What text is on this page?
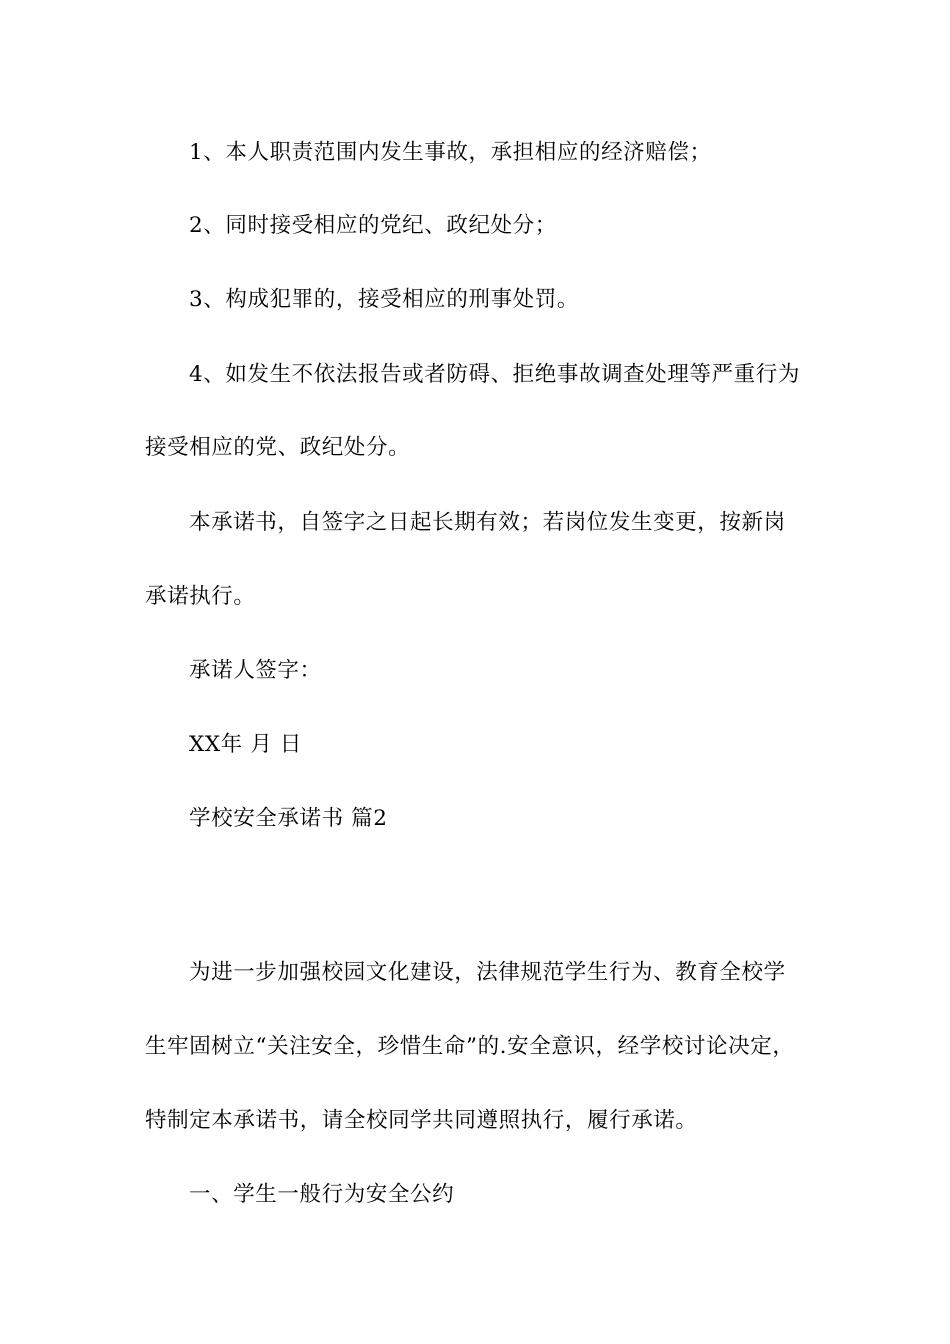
1、本人职责范围内发生事故，承担相应的经济赔偿；

2、同时接受相应的党纪、政纪处分；

3、构成犯罪的，接受相应的刑事处罚。

4、如发生不依法报告或者防碍、拒绝事故调查处理等严重行为

接受相应的党、政纪处分。

本承诺书，自签字之日起长期有效；若岗位发生变更，按新岗

承诺执行。

承诺人签字：

XX年 月 日

学校安全承诺书 篇2

为进一步加强校园文化建设，法律规范学生行为、教育全校学

生牢固树立“关注安全，珍惜生命”的.安全意识，经学校讨论决定，

特制定本承诺书，请全校同学共同遵照执行，履行承诺。

一、学生一般行为安全公约
